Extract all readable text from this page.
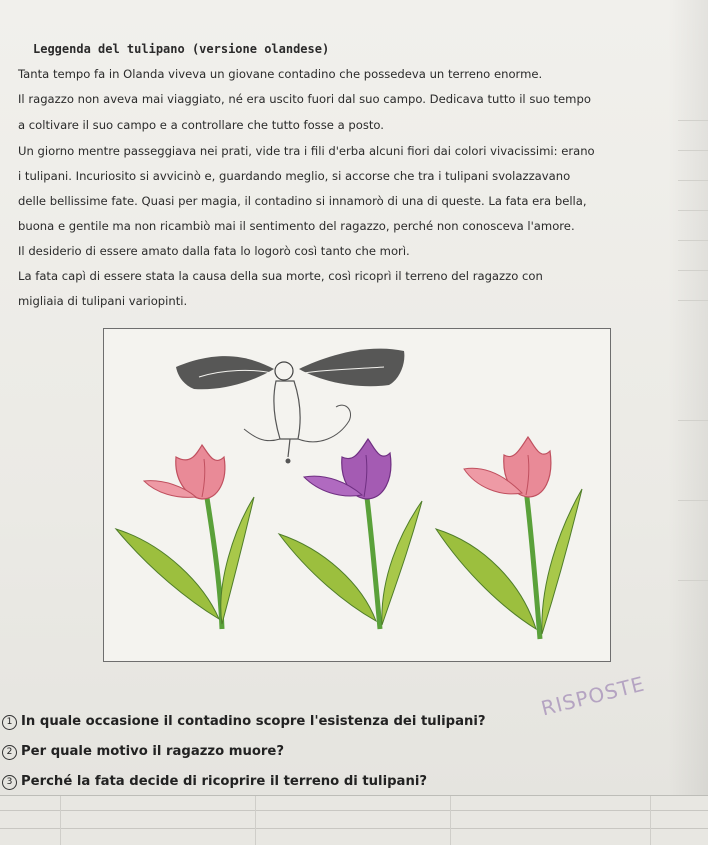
Leggenda del tulipano (versione olandese)
Tanta tempo fa in Olanda viveva un giovane contadino che possedeva un terreno enorme.
Il ragazzo non aveva mai viaggiato, né era uscito fuori dal suo campo. Dedicava tutto il suo tempo
a coltivare il suo campo e a controllare che tutto fosse a posto.
Un giorno mentre passeggiava nei prati, vide tra i fili d'erba alcuni fiori dai colori vivacissimi: erano
i tulipani. Incuriosito si avvicinò e, guardando meglio, si accorse che tra i tulipani svolazzavano
delle bellissime fate. Quasi per magia, il contadino si innamorò di una di queste. La fata era bella,
buona e gentile ma non ricambiò mai il sentimento del ragazzo, perché non conosceva l'amore.
Il desiderio di essere amato dalla fata lo logorò così tanto che morì.
La fata capì di essere stata la causa della sua morte, così ricoprì il terreno del ragazzo con
migliaia di tulipani variopinti.
1 In quale occasione il contadino scopre l'esistenza dei tulipani?
2 Per quale motivo il ragazzo muore?
3 Perché la fata decide di ricoprire il terreno di tulipani?
RISPOSTE
